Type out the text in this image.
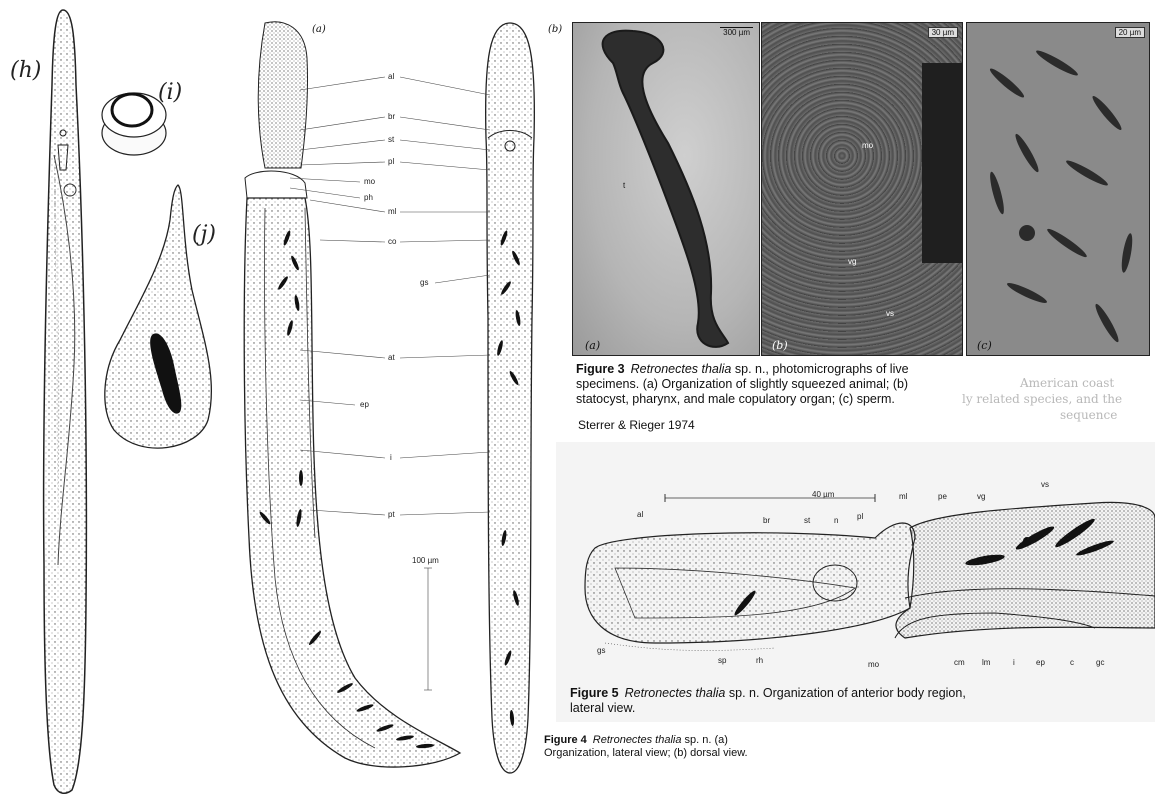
(h)
(i)
(j)
(a)	(b)
al
br
st
pl
mo
ph
ml
co
gs
at
ep
i
pt
100 µm
300 µm
t
(a)
30 µm
mo
vg
vs
(b)
20 µm
(c)
American coast
ly related species, and the
sequence
Figure 3 Retronectes thalia sp. n., photomicrographs of live specimens. (a) Organization of slightly squeezed animal; (b) statocyst, pharynx, and male copulatory organ; (c) sperm.
Sterrer & Rieger 1974
40 µm
al
br	st	n pl
ml	pe	vg
vs
gs
sp	rh	mo	cm lm	i	ep	c	gc
Figure 5 Retronectes thalia sp. n. Organization of anterior body region, lateral view.
Figure 4 Retronectes thalia sp. n. (a) Organization, lateral view; (b) dorsal view.
